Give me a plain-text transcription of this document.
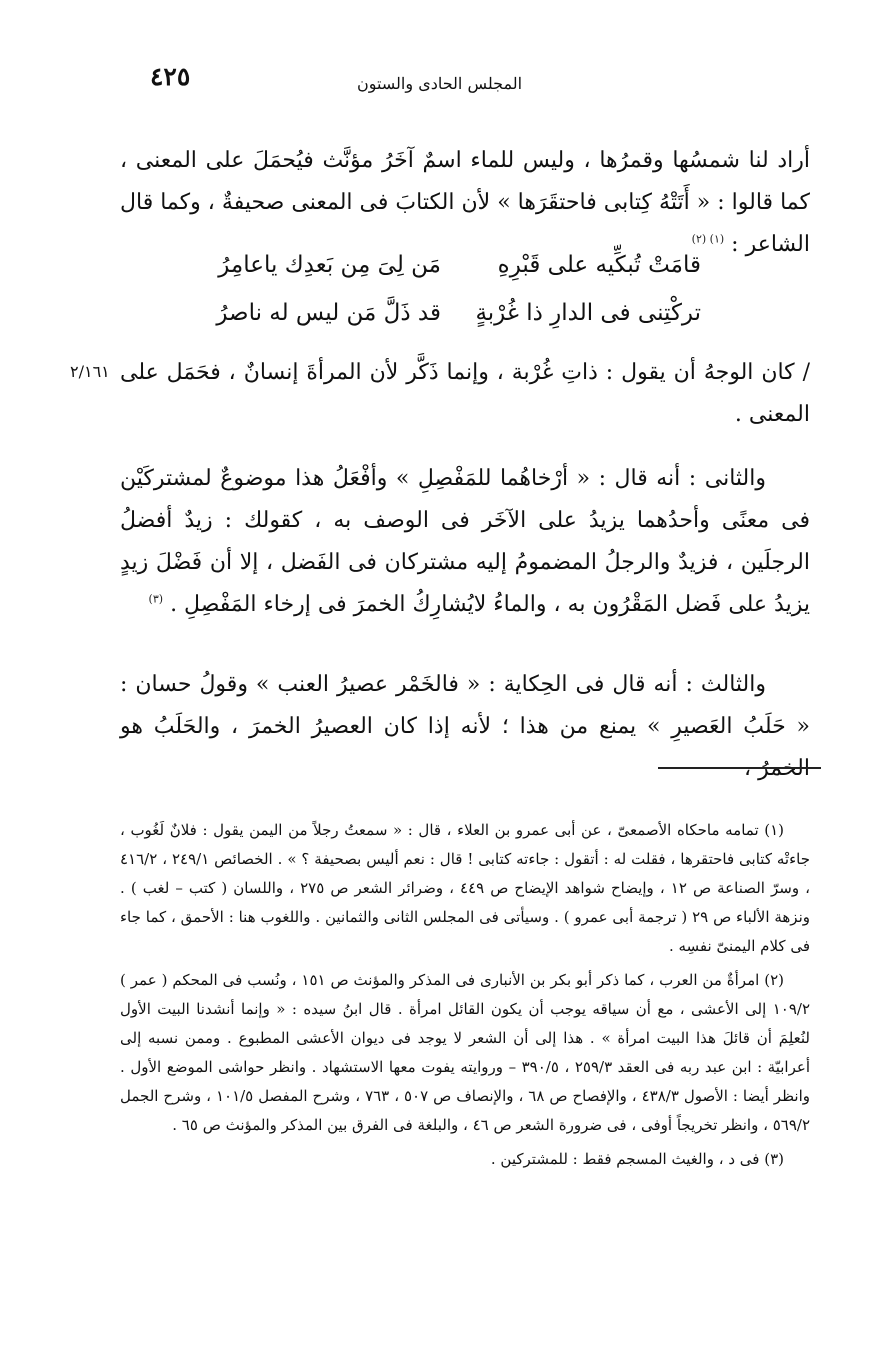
٤٢٥	المجلس الحادى والستون
أراد لنا شمسُها وقمرُها ، وليس للماء اسمٌ آخَرُ مؤنَّث فيُحمَلَ على المعنى ، كما قالوا : « أَتَتْهُ كِتابى فاحتقَرَها » لأن الكتابَ فى المعنى صحيفةٌ ، وكما قال الشاعر : $^{(١) (٢)}$
قامَتْ تُبكِّيه على قَبْرِهِ
مَن لِىَ مِن بَعدِك ياعامِرُ
تركْتِنى فى الدارِ ذا غُرْبةٍ
قد ذَلَّ مَن ليس له ناصرُ
/ كان الوجهُ أن يقول : ذاتِ غُرْبة ، وإنما ذَكَّر لأن المرأةَ إنسانٌ ، فحَمَل على المعنى .
٢/١٦١
والثانى : أنه قال : « أرْخاهُما للمَفْصِلِ » وأفْعَلُ هذا موضوعٌ لمشتركَيْن فى معنًى وأحدُهما يزيدُ على الآخَر فى الوصف به ، كقولك : زيدٌ أفضلُ الرجلَين ، فزيدٌ والرجلُ المضمومُ إليه مشتركان فى الفَضل ، إلا أن فَضْلَ زيدٍ يزيدُ على فَضل المَقْرُون به ، والماءُ لايُشارِكُ الخمرَ فى إرخاء المَفْصِلِ . $^{(٣)}$
والثالث : أنه قال فى الحِكاية : « فالخَمْر عصيرُ العنب » وقولُ حسان : « حَلَبُ العَصيرِ » يمنع من هذا ؛ لأنه إذا كان العصيرُ الخمرَ ، والحَلَبُ هو الخمرُ ،

(١) تمامه ماحكاه الأصمعىّ ، عن أبى عمرو بن العلاء ، قال : « سمعتُ رجلاً من اليمن يقول : فلانٌ لَغُوب ، جاءتْه كتابى فاحتقرها ، فقلت له : أتقول : جاءته كتابى ! قال : نعم أليس بصحيفة ؟ » . الخصائص ٢٤٩/١ ، ٤١٦/٢ ، وسرّ الصناعة ص ١٢ ، وإيضاح شواهد الإيضاح ص ٤٤٩ ، وضرائر الشعر ص ٢٧٥ ، واللسان ( كتب – لغب ) . ونزهة الألباء ص ٢٩ ( ترجمة أبى عمرو ) . وسيأتى فى المجلس الثانى والثمانين . واللغوب هنا : الأحمق ، كما جاء فى كلام اليمنىّ نفسِه .

(٢) امرأةٌ من العرب ، كما ذكر أبو بكر بن الأنبارى فى المذكر والمؤنث ص ١٥١ ، ونُسب فى المحكم ( عمر ) ١٠٩/٢ إلى الأعشى ، مع أن سياقه يوجب أن يكون القائل امرأة . قال ابنُ سيده : « وإنما أنشدنا البيت الأول لنُعلِمَ أن قائلَ هذا البيت امرأة » . هذا إلى أن الشعر لا يوجد فى ديوان الأعشى المطبوع . وممن نسبه إلى أعرابيّة : ابن عبد ربه فى العقد ٢٥٩/٣ ، ٣٩٠/٥ – وروايته يفوت معها الاستشهاد . وانظر حواشى الموضع الأول . وانظر أيضا : الأصول ٤٣٨/٣ ، والإفصاح ص ٦٨ ، والإنصاف ص ٥٠٧ ، ٧٦٣ ، وشرح المفصل ١٠١/٥ ، وشرح الجمل ٥٦٩/٢ ، وانظر تخريجاً أوفى ، فى ضرورة الشعر ص ٤٦ ، والبلغة فى الفرق بين المذكر والمؤنث ص ٦٥ .

(٣) فى د ، والغيث المسجم فقط : للمشتركين .
